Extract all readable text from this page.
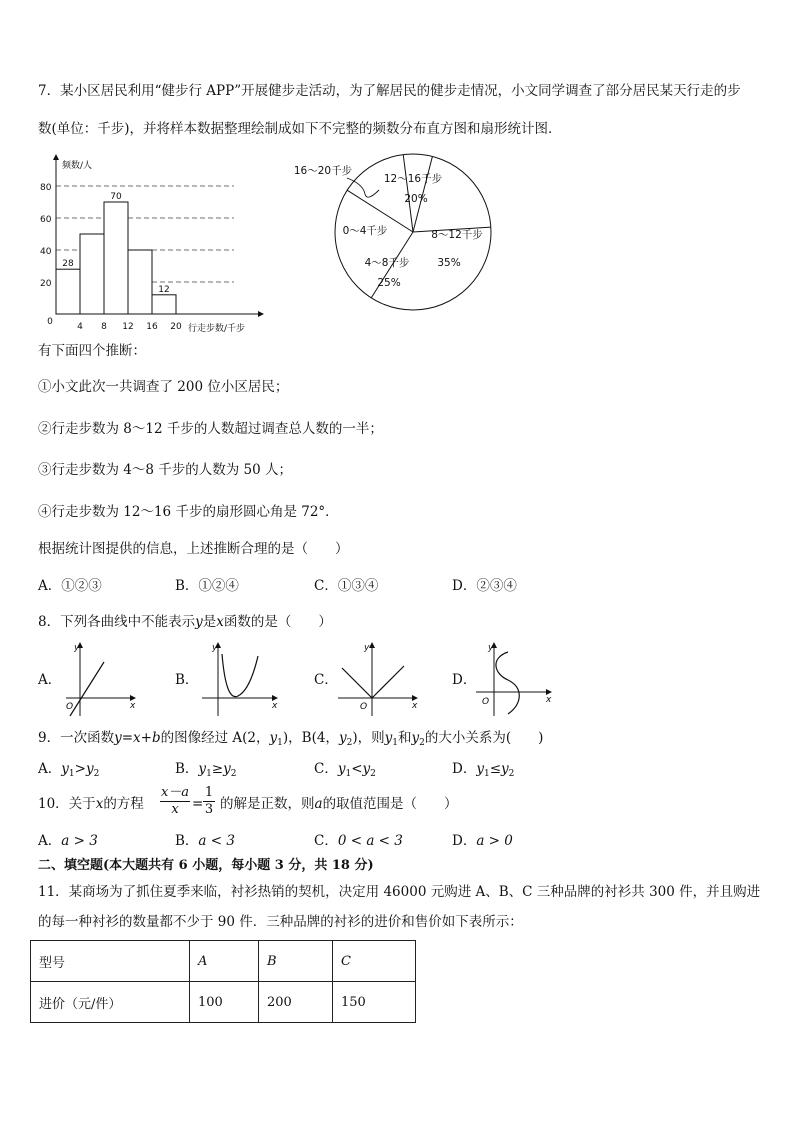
7．某小区居民利用“健步行 APP”开展健步走活动，为了解居民的健步走情况，小文同学调查了部分居民某天行走的步
数(单位：千步)，并将样本数据整理绘制成如下不完整的频数分布直方图和扇形统计图．
20
40
60
80
28
70
12
0	4 8 12 16 20
频数/人
行走步数/千步
12～16千步
20%
8～12千步
35%
4～8千步
25%
0～4千步
16～20千步
有下面四个推断：
①小文此次一共调查了 200 位小区居民；
②行走步数为 8～12 千步的人数超过调查总人数的一半；
③行走步数为 4～8 千步的人数为 50 人；
④行走步数为 12～16 千步的扇形圆心角是 72°．
根据统计图提供的信息，上述推断合理的是（　　）
A．①②③	B．①②④	C．①③④	D．②③④
8．下列各曲线中不能表示y是x函数的是（　　）
A．
y
x
O
B．
y
x
C．
y
x
O
D．
y
x
O
9．一次函数y=x+b的图像经过 A(2，$y_1$)，B(4，$y_2$)，则$y_1$和$y_2$的大小关系为(　　)
A．$y_1>y_2$	B．$y_1\ge y_2$	C．$y_1<y_2$	D．$y_1\le y_2$
10．关于x的方程 $\frac{x-a}{x} = \frac{1}{3}$ 的解是正数，则a的取值范围是（　　）
A．a > 3	B．a < 3	C．0 < a < 3	D．a > 0
二、填空题(本大题共有 6 小题，每小题 3 分，共 18 分)
11．某商场为了抓住夏季来临，衬衫热销的契机，决定用 46000 元购进 A、B、C 三种品牌的衬衫共 300 件，并且购进
的每一种衬衫的数量都不少于 90 件．三种品牌的衬衫的进价和售价如下表所示：
型号	A	B	C
进价（元/件）	100	200	150
